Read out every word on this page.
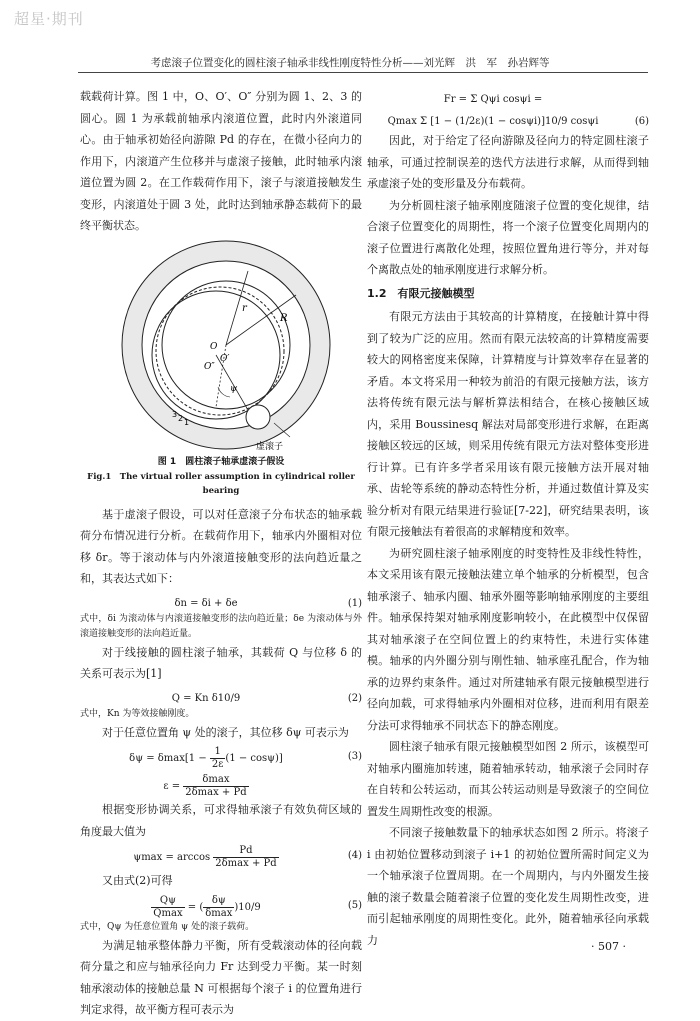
超星·期刊
考虑滚子位置变化的圆柱滚子轴承非线性刚度特性分析——刘光辉　洪　军　孙岩辉等

载载荷计算。图 1 中，O、O′、O″ 分别为圆 1、2、3 的圆心。圆 1 为承载前轴承内滚道位置，此时内外滚道同心。由于轴承初始径向游隙 Pd 的存在，在微小径向力的作用下，内滚道产生位移并与虚滚子接触，此时轴承内滚道位置为圆 2。在工作载荷作用下，滚子与滚道接触发生变形，内滚道处于圆 3 处，此时达到轴承静态载荷下的最终平衡状态。

O
O′
O″
R
r
ψ
3 2 1
虚滚子
图 1　圆柱滚子轴承虚滚子假设
Fig.1　The virtual roller assumption in cylindrical roller bearing

基于虚滚子假设，可以对任意滚子分布状态的轴承载荷分布情况进行分析。在载荷作用下，轴承内外圈相对位移 δr。等于滚动体与内外滚道接触变形的法向趋近量之和，其表达式如下：

δn = δi + δe	(1)

式中，δi 为滚动体与内滚道接触变形的法向趋近量；δe 为滚动体与外滚道接触变形的法向趋近量。

对于线接触的圆柱滚子轴承，其载荷 Q 与位移 δ 的关系可表示为[1]

Q = Kn δ10/9	(2)

式中，Kn 为等效接触刚度。

对于任意位置角 ψ 处的滚子，其位移 δψ 可表示为

$\delta\psi = \delta\max[1 - \frac{1}{2\varepsilon} (1 - \cos\psi)]$	(3)
$\varepsilon = \frac{\delta\max}{2\delta\max + Pd}$

根据变形协调关系，可求得轴承滚子有效负荷区域的角度最大值为

$\psi\max = \arccos \frac{Pd}{2\delta\max + Pd}$	(4)

又由式(2)可得

$\frac{Q\psi}{Qmax}$ = ( $\frac{\delta\psi}{\delta\max} )10/9$	(5)

式中，Qψ 为任意位置角 ψ 处的滚子载荷。

为满足轴承整体静力平衡，所有受载滚动体的径向载荷分量之和应与轴承径向力 Fr 达到受力平衡。某一时刻轴承滚动体的接触总量 N 可根据每个滚子 i 的位置角进行判定求得，故平衡方程可表示为

Fr = Σ Qψi cosψi =
Qmax Σ [1 − (1/2ε)(1 − cosψi)]10/9 cosψi	(6)

因此，对于给定了径向游隙及径向力的特定圆柱滚子轴承，可通过控制误差的迭代方法进行求解，从而得到轴承虚滚子处的变形量及分布载荷。

为分析圆柱滚子轴承刚度随滚子位置的变化规律，结合滚子位置变化的周期性，将一个滚子位置变化周期内的滚子位置进行离散化处理，按照位置角进行等分，并对每个离散点处的轴承刚度进行求解分析。

1.2　有限元接触模型

有限元方法由于其较高的计算精度，在接触计算中得到了较为广泛的应用。然而有限元法较高的计算精度需要较大的网格密度来保障，计算精度与计算效率存在显著的矛盾。本文将采用一种较为前沿的有限元接触方法，该方法将传统有限元法与解析算法相结合，在核心接触区域内，采用 Boussinesq 解法对局部变形进行求解，在距离接触区较远的区域，则采用传统有限元方法对整体变形进行计算。已有许多学者采用该有限元接触方法开展对轴承、齿轮等系统的静动态特性分析，并通过数值计算及实验分析对有限元结果进行验证[7-22]，研究结果表明，该有限元接触法有着很高的求解精度和效率。

为研究圆柱滚子轴承刚度的时变特性及非线性特性，本文采用该有限元接触法建立单个轴承的分析模型，包含轴承滚子、轴承内圈、轴承外圈等影响轴承刚度的主要组件。轴承保持架对轴承刚度影响较小，在此模型中仅保留其对轴承滚子在空间位置上的约束特性，未进行实体建模。轴承的内外圈分别与刚性轴、轴承座孔配合，作为轴承的边界约束条件。通过对所建轴承有限元接触模型进行径向加载，可求得轴承内外圈相对位移，进而利用有限差分法可求得轴承不同状态下的静态刚度。

圆柱滚子轴承有限元接触模型如图 2 所示，该模型可对轴承内圈施加转速，随着轴承转动，轴承滚子会同时存在自转和公转运动，而其公转运动则是导致滚子的空间位置发生周期性改变的根源。

不同滚子接触数量下的轴承状态如图 2 所示。将滚子 i 由初始位置移动到滚子 i+1 的初始位置所需时间定义为一个轴承滚子位置周期。在一个周期内，与内外圈发生接触的滚子数量会随着滚子位置的变化发生周期性改变，进而引起轴承刚度的周期性变化。此外，随着轴承径向承载力	· 507 ·
